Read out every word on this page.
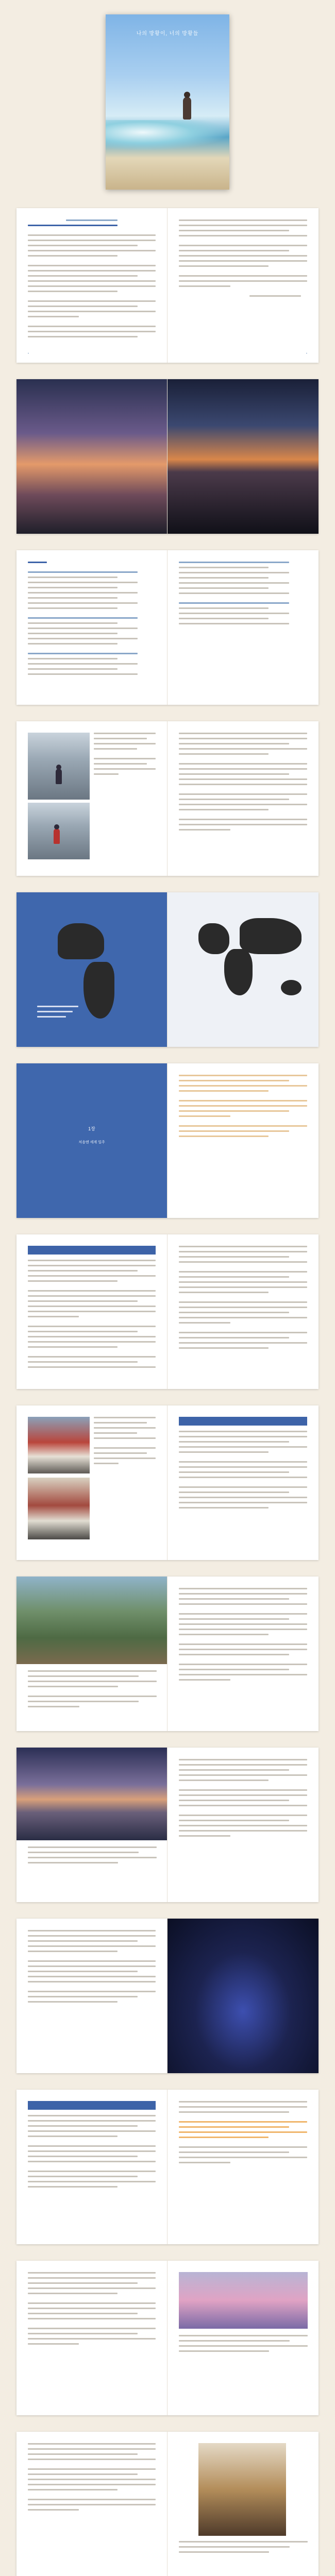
나의 방황이, 너의 방황들
•	•
1장
처음엔 세계 일주
